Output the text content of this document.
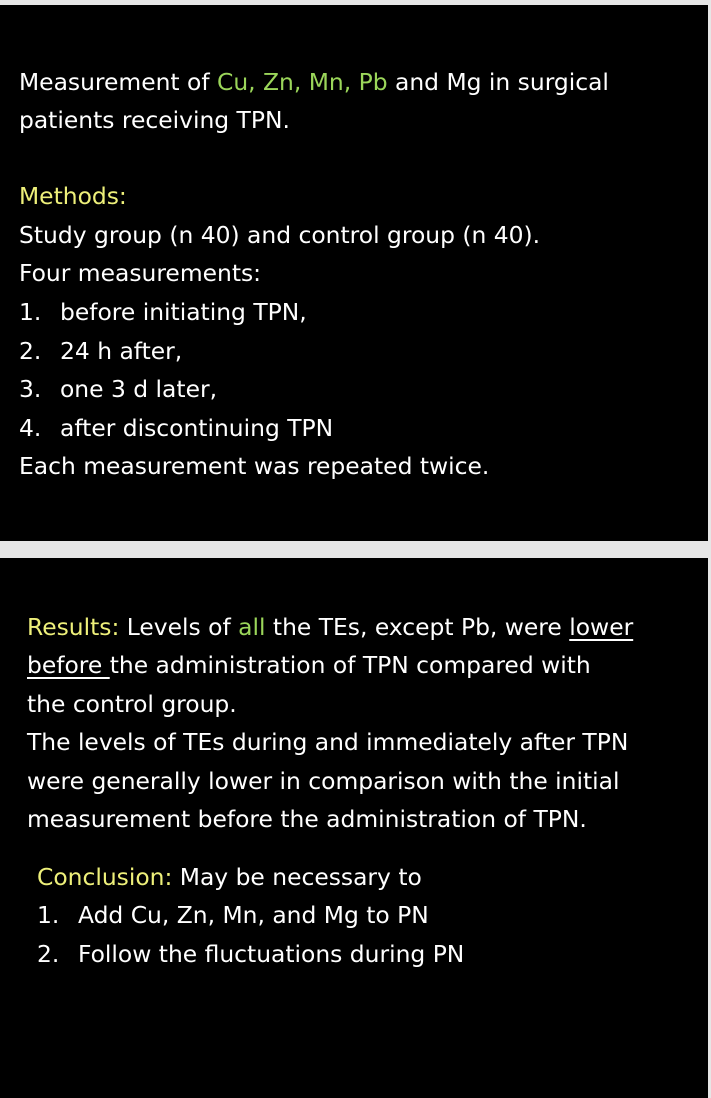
Measurement of Cu, Zn, Mn, Pb and Mg in surgical

patients receiving TPN.

Methods:

Study group (n 40) and control group (n 40).

Four measurements:

1. before initiating TPN,
2. 24 h after,
3. one 3 d later,
4. after discontinuing TPN

Each measurement was repeated twice.

Results: Levels of all the TEs, except Pb, were lower

before the administration of TPN compared with

the control group.

The levels of TEs during and immediately after TPN

were generally lower in comparison with the initial

measurement before the administration of TPN.

Conclusion: May be necessary to

1. Add Cu, Zn, Mn, and Mg to PN
2. Follow the fluctuations during PN
